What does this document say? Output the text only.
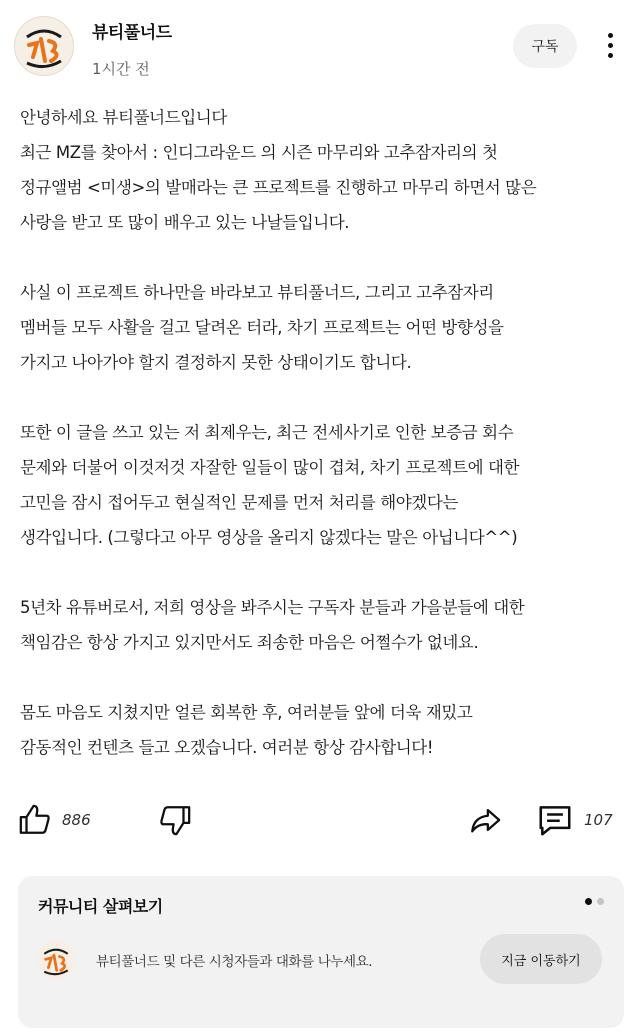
뷰티풀너드
1시간 전
구독

안녕하세요 뷰티풀너드입니다
최근 MZ를 찾아서 : 인디그라운드 의 시즌 마무리와 고추잠자리의 첫
정규앨범 <미생>의 발매라는 큰 프로젝트를 진행하고 마무리 하면서 많은
사랑을 받고 또 많이 배우고 있는 나날들입니다.

사실 이 프로젝트 하나만을 바라보고 뷰티풀너드, 그리고 고추잠자리
멤버들 모두 사활을 걸고 달려온 터라, 차기 프로젝트는 어떤 방향성을
가지고 나아가야 할지 결정하지 못한 상태이기도 합니다.

또한 이 글을 쓰고 있는 저 최제우는, 최근 전세사기로 인한 보증금 회수
문제와 더불어 이것저것 자잘한 일들이 많이 겹쳐, 차기 프로젝트에 대한
고민을 잠시 접어두고 현실적인 문제를 먼저 처리를 해야겠다는
생각입니다. (그렇다고 아무 영상을 올리지 않겠다는 말은 아닙니다^^)

5년차 유튜버로서, 저희 영상을 봐주시는 구독자 분들과 가을분들에 대한
책임감은 항상 가지고 있지만서도 죄송한 마음은 어쩔수가 없네요.

몸도 마음도 지쳤지만 얼른 회복한 후, 여러분들 앞에 더욱 재밌고
감동적인 컨텐츠 들고 오겠습니다. 여러분 항상 감사합니다!

886	107
커뮤니티 살펴보기
뷰티풀너드 및 다른 시청자들과 대화를 나누세요.	지금 이동하기
